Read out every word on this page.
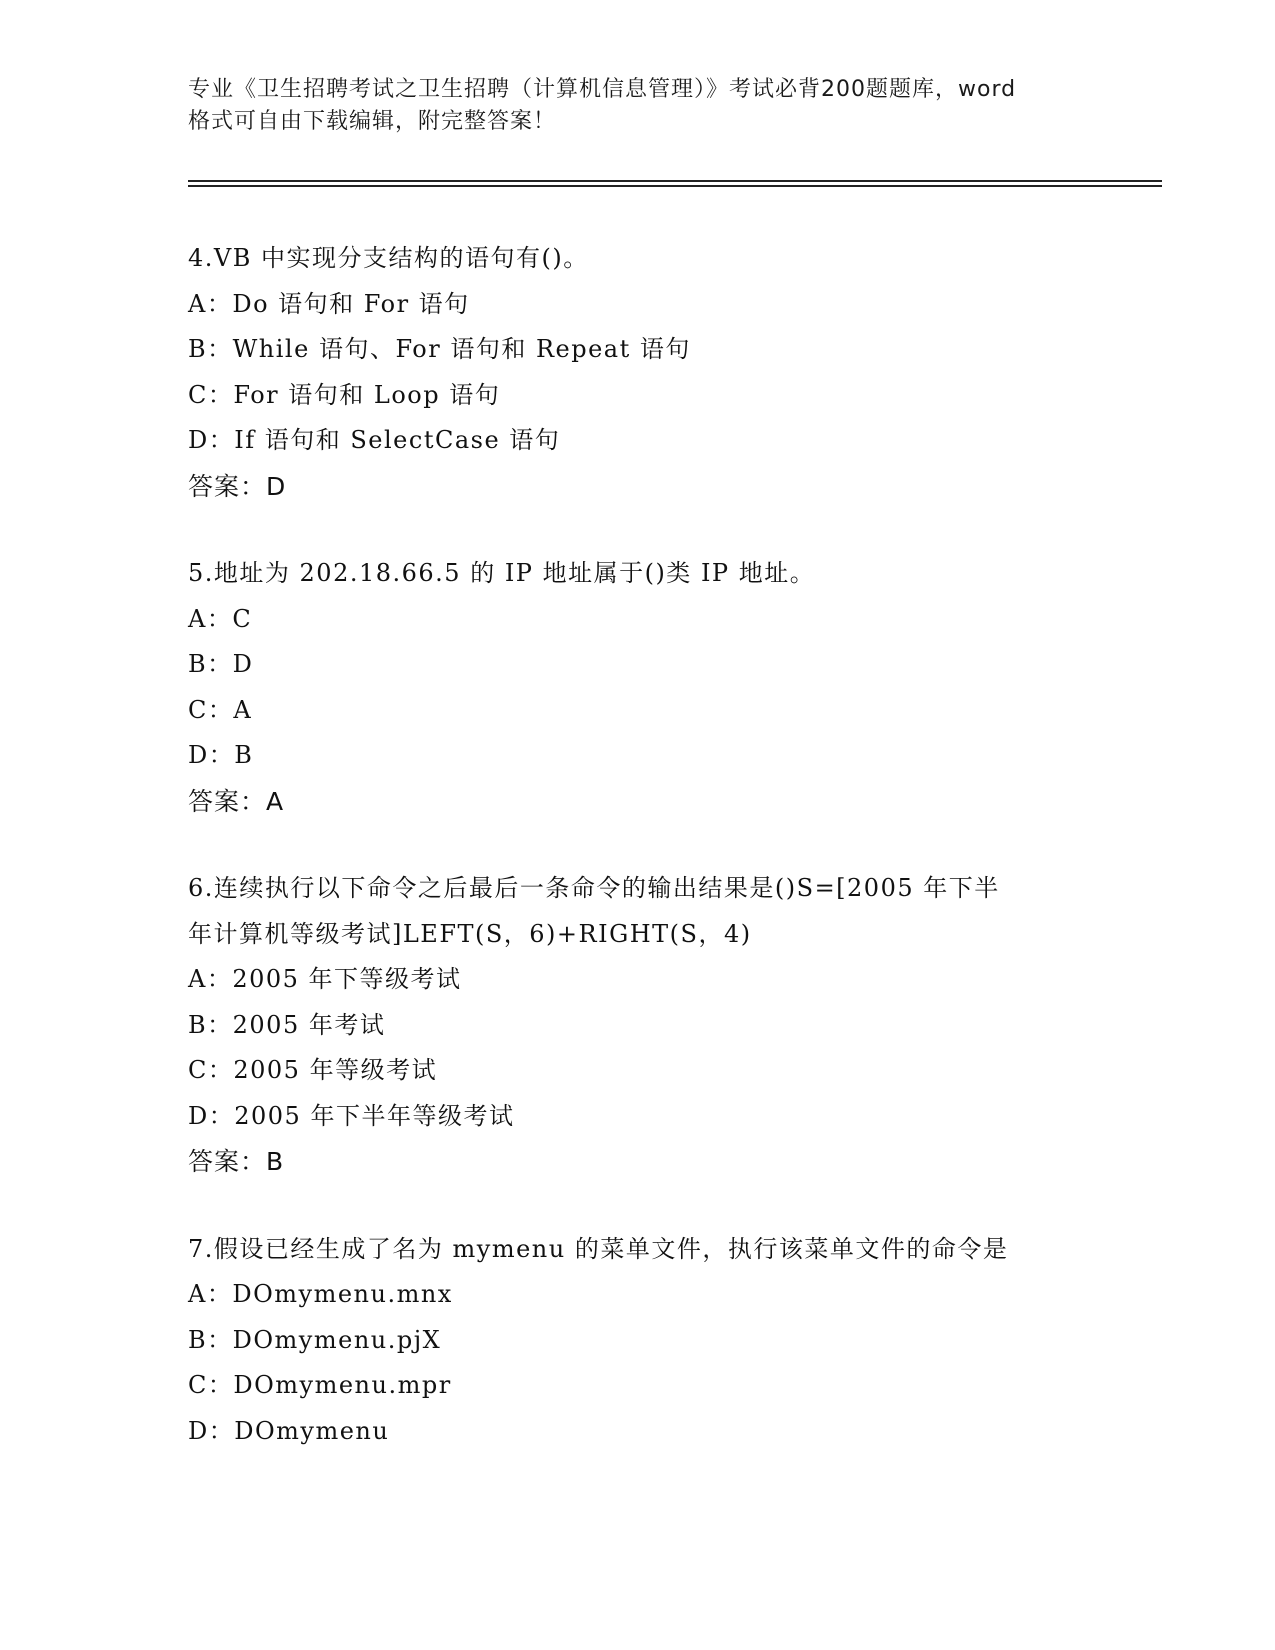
专业《卫生招聘考试之卫生招聘（计算机信息管理）》考试必背200题题库，word
格式可自由下载编辑，附完整答案！
4.VB 中实现分支结构的语句有()。
A：Do 语句和 For 语句
B：While 语句、For 语句和 Repeat 语句
C：For 语句和 Loop 语句
D：If 语句和 SelectCase 语句
答案：D
5.地址为 202.18.66.5 的 IP 地址属于()类 IP 地址。
A：C
B：D
C：A
D：B
答案：A
6.连续执行以下命令之后最后一条命令的输出结果是()S=[2005 年下半
年计算机等级考试]LEFT(S，6)+RIGHT(S，4)
A：2005 年下等级考试
B：2005 年考试
C：2005 年等级考试
D：2005 年下半年等级考试
答案：B
7.假设已经生成了名为 mymenu 的菜单文件，执行该菜单文件的命令是
A：DOmymenu.mnx
B：DOmymenu.pjX
C：DOmymenu.mpr
D：DOmymenu
